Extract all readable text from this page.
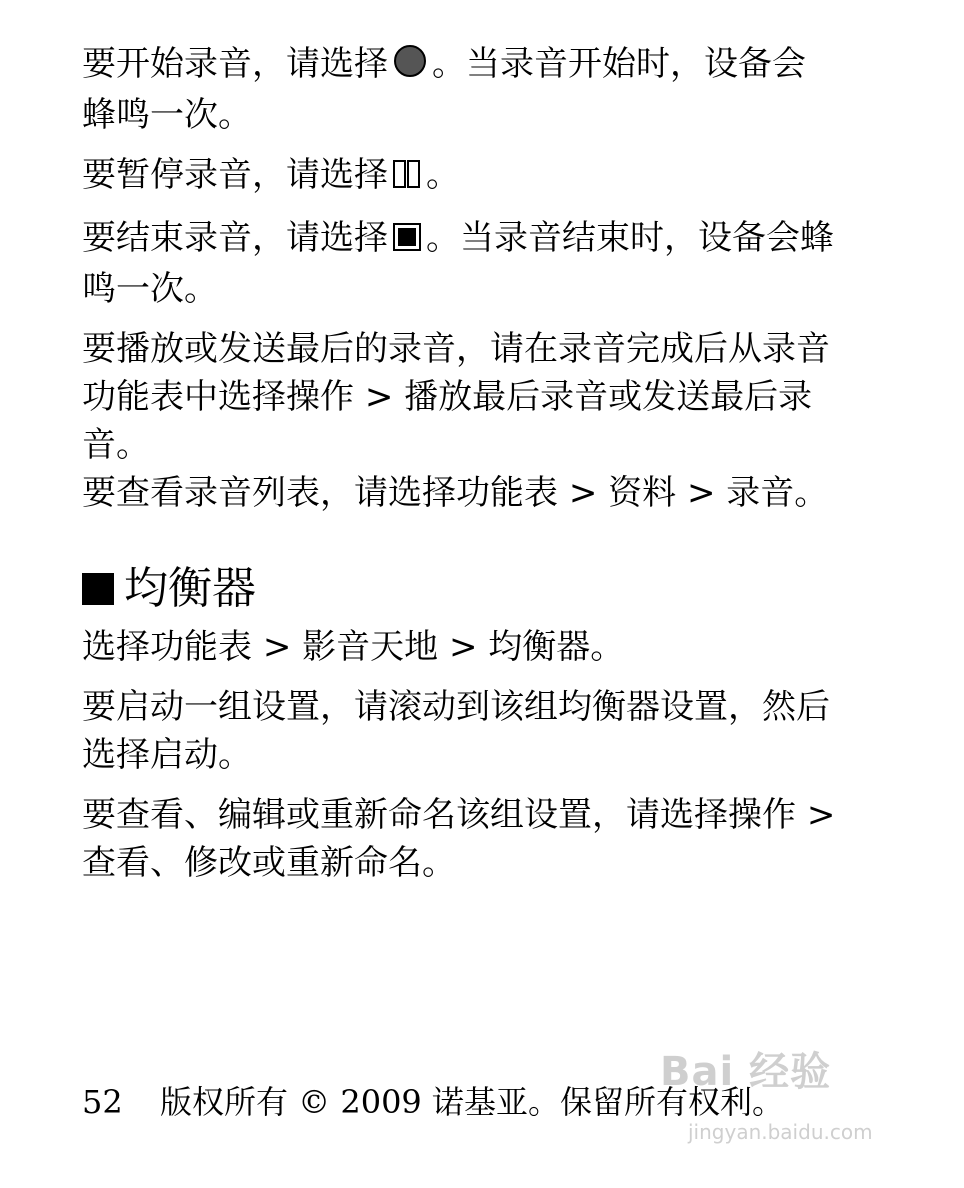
要开始录音，请选择 。当录音开始时，设备会
蜂鸣一次。

要暂停录音，请选择 。

要结束录音，请选择 。当录音结束时，设备会蜂
鸣一次。

要播放或发送最后的录音，请在录音完成后从录音
功能表中选择操作 > 播放最后录音或发送最后录
音。

要查看录音列表，请选择功能表 > 资料 > 录音。

均衡器

选择功能表 > 影音天地 > 均衡器。

要启动一组设置，请滚动到该组均衡器设置，然后
选择启动。

要查看、编辑或重新命名该组设置，请选择操作 >
查看、修改或重新命名。

52 版权所有 © 2009 诺基亚。保留所有权利。
Bai 经验
jingyan.baidu.com
